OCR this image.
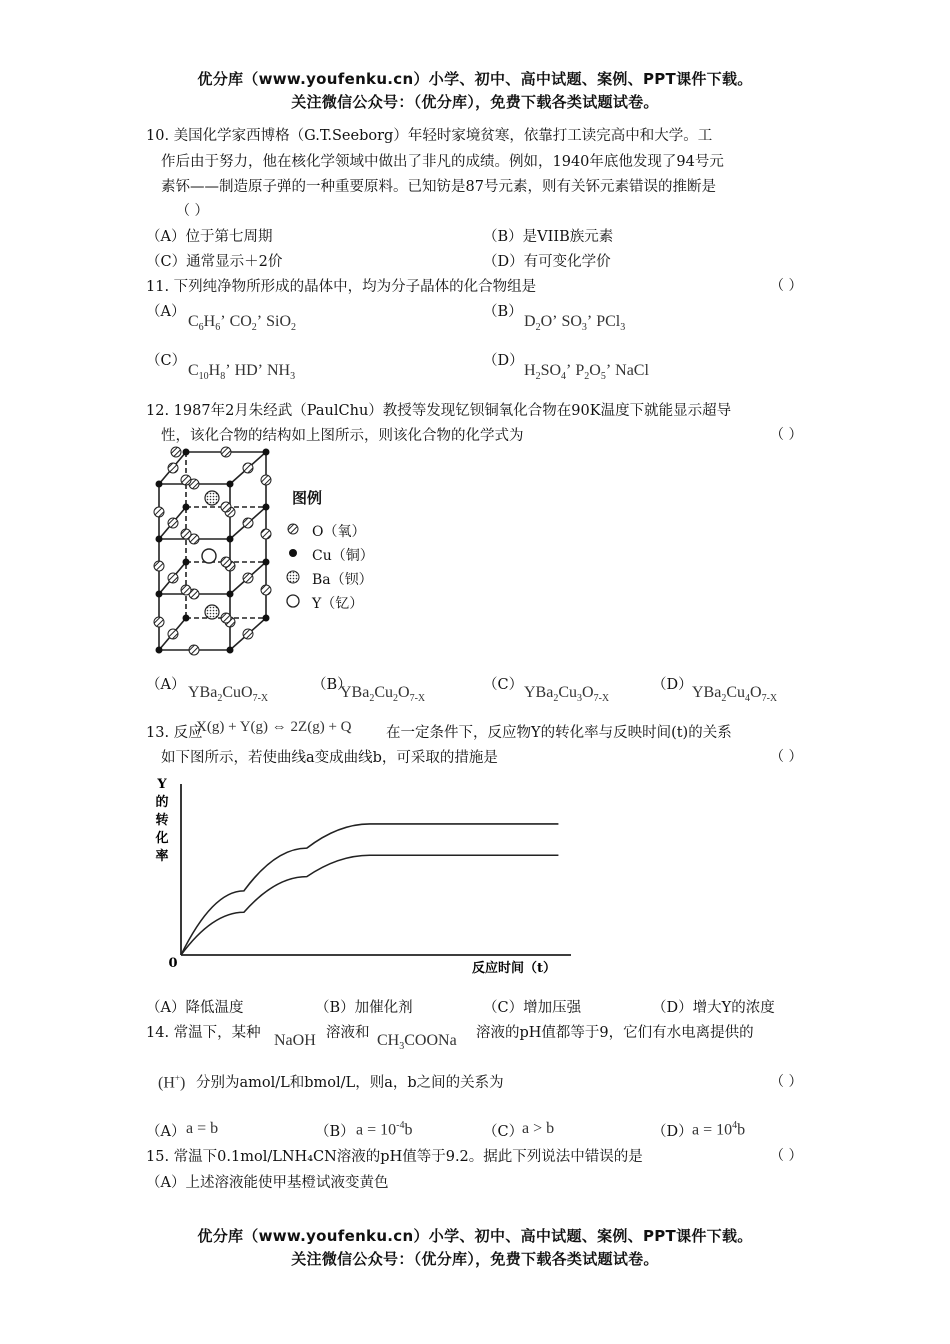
优分库（www.youfenku.cn）小学、初中、高中试题、案例、PPT课件下载。
关注微信公众号：（优分库），免费下载各类试题试卷。
10. 美国化学家西博格（G.T.Seeborg）年轻时家境贫寒，依靠打工读完高中和大学。工
作后由于努力，他在核化学领域中做出了非凡的成绩。例如，1940年底他发现了94号元
素钚——制造原子弹的一种重要原料。已知钫是87号元素，则有关钚元素错误的推断是
（ ）
（A）位于第七周期	（B）是VIIB族元素
（C）通常显示＋2价	（D）有可变化学价
11. 下列纯净物所形成的晶体中，均为分子晶体的化合物组是	（ ）
（A）
$C_6H_6$’ $CO_2$’ SiO$_2$
（B）
$D_2O$’ $SO_3$’ PCl$_3$
（C）
$C_{10}H_8$’ HD’ $NH_3$
（D）
$H_2SO_4$’ $P_2O_5$’ NaCl
12. 1987年2月朱经武（PaulChu）教授等发现钇钡铜氧化合物在90K温度下就能显示超导
性，该化合物的结构如上图所示，则该化合物的化学式为	（ ）
图例
O（氧）
Cu（铜）
Ba（钡）
Y（钇）
（A） YBa$_2$CuO$_{7-X}$
（B）
$YBa_2Cu_2O_{7-X}$
（C） $YBa_2Cu_3O_{7-X}$
（D） $YBa_2Cu_4O_{7-X}$
13. 反应
X(g) + Y(g) ⇔ 2Z(g) + Q 在一定条件下，反应物Y的转化率与反映时间(t)的关系
如下图所示，若使曲线a变成曲线b，可采取的措施是	（ ）
Y
的
转
化
率
0	反应时间（t）
（A）降低温度	（B）加催化剂	（C）增加压强	（D）增大Y的浓度
14. 常温下，某种 NaOH 溶液和 $CH_3COONa$ 溶液的pH值都等于9，它们有水电离提供的
(H+) 分别为amol/L和bmol/L，则a，b之间的关系为	（ ）
（A） a = b	（B） $a = 10^{-4}b$	（C）
a > b	（D） $a = 10^4b$
15. 常温下0.1mol/LNH₄CN溶液的pH值等于9.2。据此下列说法中错误的是	（ ）
（A）上述溶液能使甲基橙试液变黄色
优分库（www.youfenku.cn）小学、初中、高中试题、案例、PPT课件下载。
关注微信公众号：（优分库），免费下载各类试题试卷。
